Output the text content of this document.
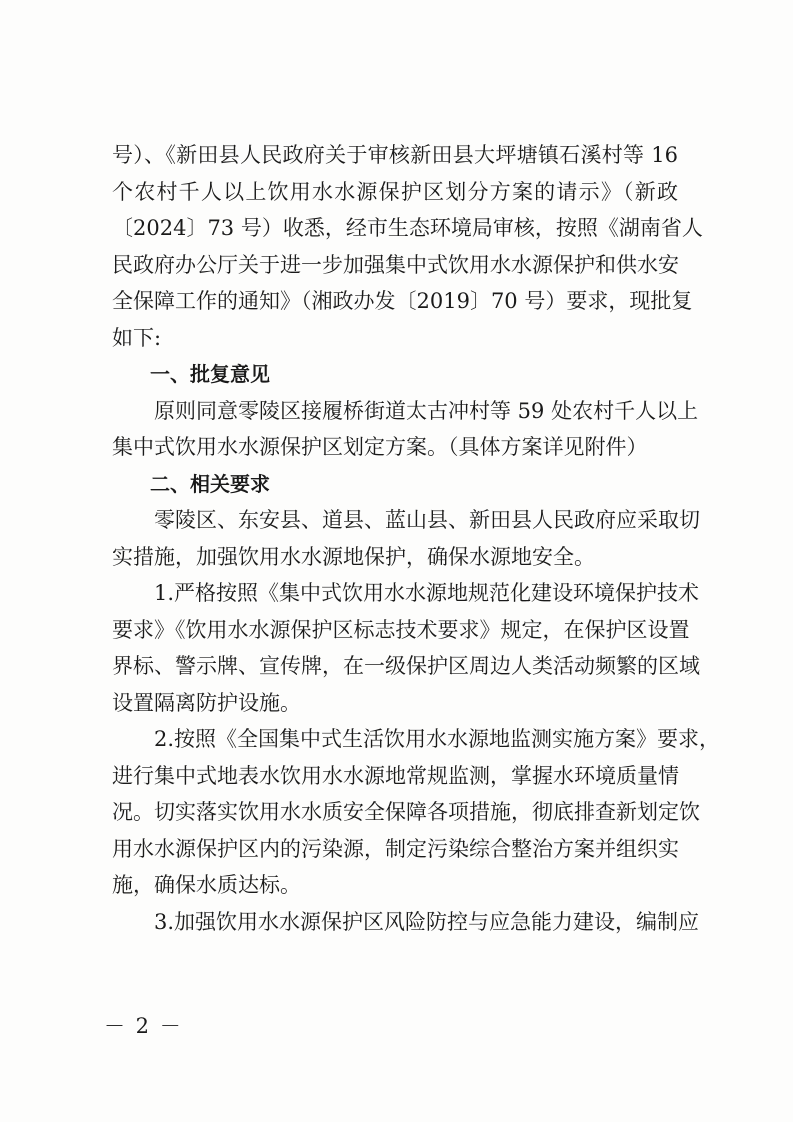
号）、《新田县人民政府关于审核新田县大坪塘镇石溪村等 16
个农村千人以上饮用水水源保护区划分方案的请示》（新政
〔2024〕73 号）收悉，经市生态环境局审核，按照《湖南省人
民政府办公厅关于进一步加强集中式饮用水水源保护和供水安
全保障工作的通知》（湘政办发〔2019〕70 号）要求，现批复
如下:
一、批复意见
原则同意零陵区接履桥街道太古冲村等 59 处农村千人以上
集中式饮用水水源保护区划定方案。（具体方案详见附件）
二、相关要求
零陵区、东安县、道县、蓝山县、新田县人民政府应采取切
实措施，加强饮用水水源地保护，确保水源地安全。
1.严格按照《集中式饮用水水源地规范化建设环境保护技术
要求》《饮用水水源保护区标志技术要求》规定，在保护区设置
界标、警示牌、宣传牌，在一级保护区周边人类活动频繁的区域
设置隔离防护设施。
2.按照《全国集中式生活饮用水水源地监测实施方案》要求，
进行集中式地表水饮用水水源地常规监测，掌握水环境质量情
况。切实落实饮用水水质安全保障各项措施，彻底排查新划定饮
用水水源保护区内的污染源，制定污染综合整治方案并组织实
施，确保水质达标。
3.加强饮用水水源保护区风险防控与应急能力建设，编制应
－ 2 －
